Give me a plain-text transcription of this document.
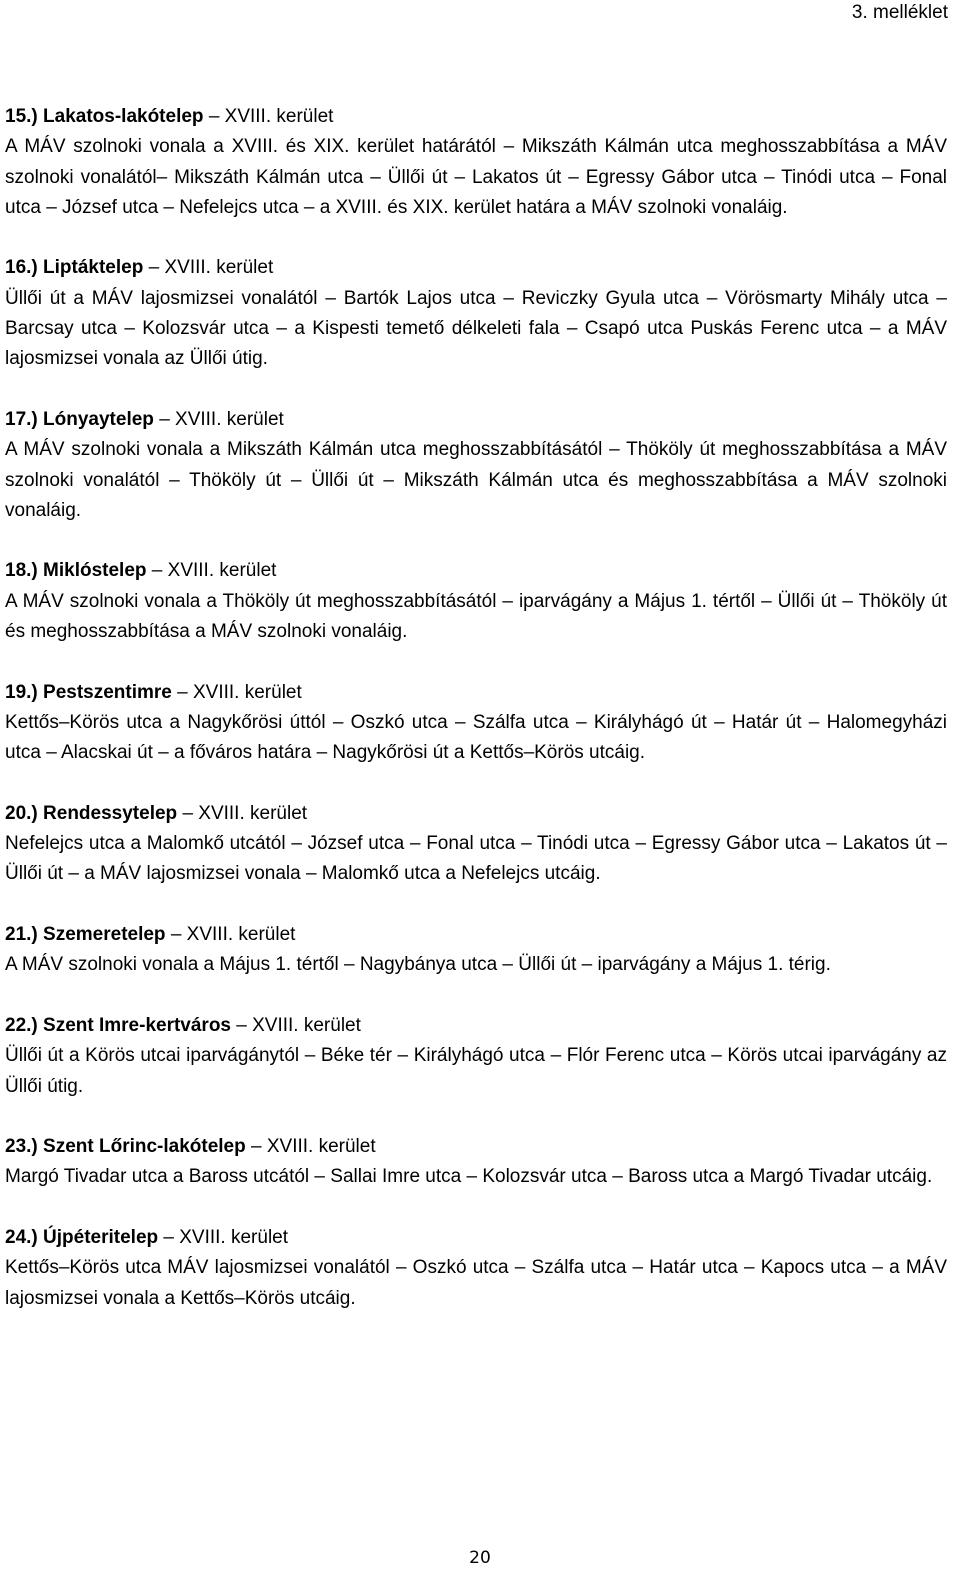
3. melléklet

15.) Lakatos-lakótelep – XVIII. kerület

A MÁV szolnoki vonala a XVIII. és XIX. kerület határától – Mikszáth Kálmán utca meghosszabbítása a MÁV szolnoki vonalától– Mikszáth Kálmán utca – Üllői út – Lakatos út – Egressy Gábor utca – Tinódi utca – Fonal utca – József utca – Nefelejcs utca – a XVIII. és XIX. kerület határa a MÁV szolnoki vonaláig.

16.) Liptáktelep – XVIII. kerület

Üllői út a MÁV lajosmizsei vonalától – Bartók Lajos utca – Reviczky Gyula utca – Vörösmarty Mihály utca – Barcsay utca – Kolozsvár utca – a Kispesti temető délkeleti fala – Csapó utca Puskás Ferenc utca – a MÁV lajosmizsei vonala az Üllői útig.

17.) Lónyaytelep – XVIII. kerület

A MÁV szolnoki vonala a Mikszáth Kálmán utca meghosszabbításától – Thököly út meghosszabbítása a MÁV szolnoki vonalától – Thököly út – Üllői út – Mikszáth Kálmán utca és meghosszabbítása a MÁV szolnoki vonaláig.

18.) Miklóstelep – XVIII. kerület

A MÁV szolnoki vonala a Thököly út meghosszabbításától – iparvágány a Május 1. tértől – Üllői út – Thököly út és meghosszabbítása a MÁV szolnoki vonaláig.

19.) Pestszentimre – XVIII. kerület

Kettős–Körös utca a Nagykőrösi úttól – Oszkó utca – Szálfa utca – Királyhágó út – Határ út – Halomegyházi utca – Alacskai út – a főváros határa – Nagykőrösi út a Kettős–Körös utcáig.

20.) Rendessytelep – XVIII. kerület

Nefelejcs utca a Malomkő utcától – József utca – Fonal utca – Tinódi utca – Egressy Gábor utca – Lakatos út – Üllői út – a MÁV lajosmizsei vonala – Malomkő utca a Nefelejcs utcáig.

21.) Szemeretelep – XVIII. kerület

A MÁV szolnoki vonala a Május 1. tértől – Nagybánya utca – Üllői út – iparvágány a Május 1. térig.

22.) Szent Imre-kertváros – XVIII. kerület

Üllői út a Körös utcai iparvágánytól – Béke tér – Királyhágó utca – Flór Ferenc utca – Körös utcai iparvágány az Üllői útig.

23.) Szent Lőrinc-lakótelep – XVIII. kerület

Margó Tivadar utca a Baross utcától – Sallai Imre utca – Kolozsvár utca – Baross utca a Margó Tivadar utcáig.

24.) Újpéteritelep – XVIII. kerület

Kettős–Körös utca MÁV lajosmizsei vonalától – Oszkó utca – Szálfa utca – Határ utca – Kapocs utca – a MÁV lajosmizsei vonala a Kettős–Körös utcáig.

20
